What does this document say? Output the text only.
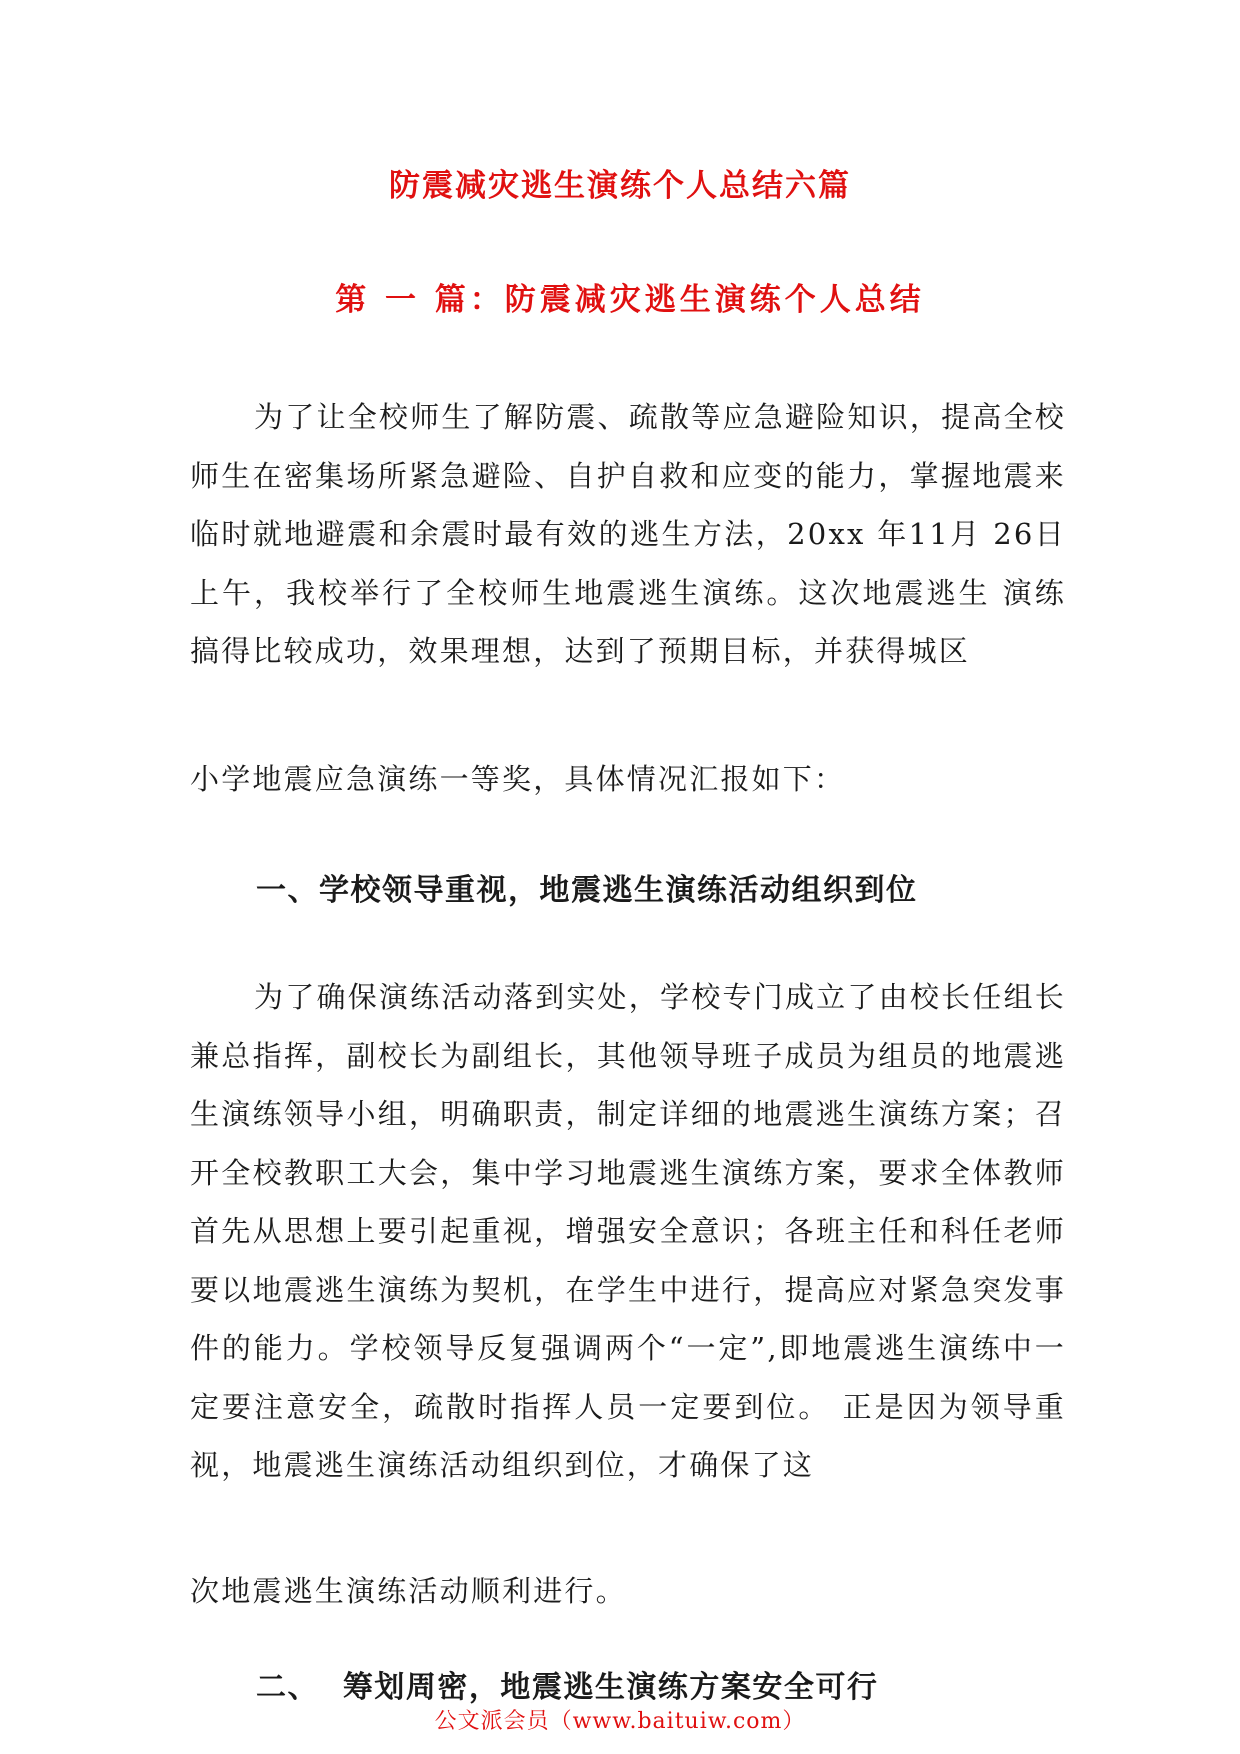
防震减灾逃生演练个人总结六篇
第 一 篇：防震减灾逃生演练个人总结
为了让全校师生了解防震、疏散等应急避险知识，提高全校师生在密集场所紧急避险、自护自救和应变的能力，掌握地震来临时就地避震和余震时最有效的逃生方法，20xx 年11月 26日上午，我校举行了全校师生地震逃生演练。这次地震逃生 演练搞得比较成功，效果理想，达到了预期目标，并获得城区
小学地震应急演练一等奖，具体情况汇报如下：
一、学校领导重视，地震逃生演练活动组织到位
为了确保演练活动落到实处，学校专门成立了由校长任组长兼总指挥，副校长为副组长，其他领导班子成员为组员的地震逃生演练领导小组，明确职责，制定详细的地震逃生演练方案；召开全校教职工大会，集中学习地震逃生演练方案，要求全体教师首先从思想上要引起重视，增强安全意识；各班主任和科任老师要以地震逃生演练为契机，在学生中进行，提高应对紧急突发事件的能力。学校领导反复强调两个“一定”,即地震逃生演练中一定要注意安全，疏散时指挥人员一定要到位。 正是因为领导重视，地震逃生演练活动组织到位，才确保了这
次地震逃生演练活动顺利进行。
二、  筹划周密，地震逃生演练方案安全可行
公文派会员（www.baituiw.com）
